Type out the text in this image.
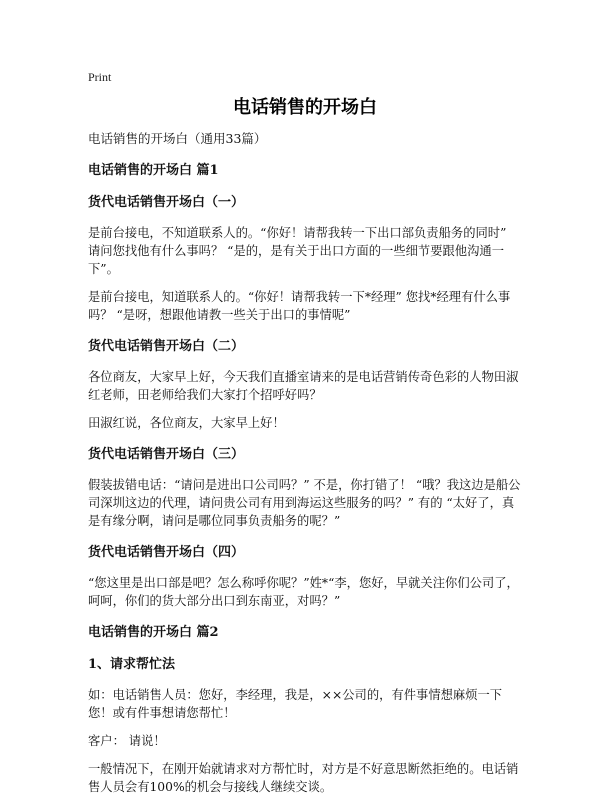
Print
电话销售的开场白
电话销售的开场白（通用33篇）
电话销售的开场白 篇1
货代电话销售开场白（一）
是前台接电，不知道联系人的。“你好！请帮我转一下出口部负责船务的同时” 请问您找他有什么事吗？ “是的，是有关于出口方面的一些细节要跟他沟通一下”。
是前台接电，知道联系人的。“你好！请帮我转一下*经理” 您找*经理有什么事吗？ “是呀，想跟他请教一些关于出口的事情呢”
货代电话销售开场白（二）
各位商友，大家早上好，今天我们直播室请来的是电话营销传奇色彩的人物田淑红老师，田老师给我们大家打个招呼好吗？
田淑红说，各位商友，大家早上好！
货代电话销售开场白（三）
假装拔错电话：“请问是进出口公司吗？” 不是，你打错了！ “哦？我这边是船公司深圳这边的代理，请问贵公司有用到海运这些服务的吗？” 有的 “太好了，真是有缘分啊，请问是哪位同事负责船务的呢？”
货代电话销售开场白（四）
“您这里是出口部是吧？怎么称呼你呢？”姓*“李，您好，早就关注你们公司了，呵呵，你们的货大部分出口到东南亚，对吗？”
电话销售的开场白 篇2
1、请求帮忙法
如：电话销售人员：您好，李经理，我是，××公司的，有件事情想麻烦一下您！或有件事想请您帮忙！
客户： 请说！
一般情况下，在刚开始就请求对方帮忙时，对方是不好意思断然拒绝的。电话销售人员会有100%的机会与接线人继续交谈。
